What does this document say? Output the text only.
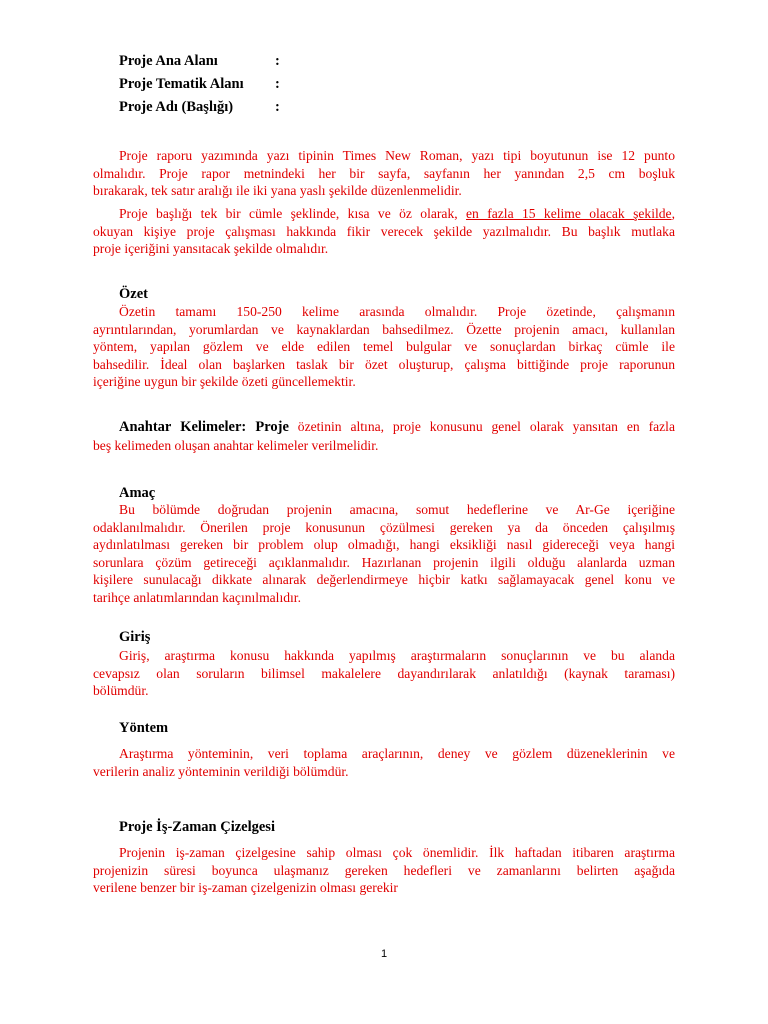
Proje Ana Alanı	:
Proje Tematik Alanı :
Proje Adı (Başlığı)	:
Proje raporu yazımında yazı tipinin Times New Roman, yazı tipi boyutunun ise 12 punto
olmalıdır. Proje rapor metnindeki her bir sayfa, sayfanın her yanından 2,5 cm boşluk
bırakarak, tek satır aralığı ile iki yana yaslı şekilde düzenlenmelidir.
Proje başlığı tek bir cümle şeklinde, kısa ve öz olarak, en fazla 15 kelime olacak şekilde,
okuyan kişiye proje çalışması hakkında fikir verecek şekilde yazılmalıdır. Bu başlık mutlaka
proje içeriğini yansıtacak şekilde olmalıdır.
Özet
Özetin tamamı 150-250 kelime arasında olmalıdır. Proje özetinde, çalışmanın
ayrıntılarından, yorumlardan ve kaynaklardan bahsedilmez. Özette projenin amacı, kullanılan
yöntem, yapılan gözlem ve elde edilen temel bulgular ve sonuçlardan birkaç cümle ile
bahsedilir. İdeal olan başlarken taslak bir özet oluşturup, çalışma bittiğinde proje raporunun
içeriğine uygun bir şekilde özeti güncellemektir.
Anahtar Kelimeler: Proje özetinin altına, proje konusunu genel olarak yansıtan en fazla
beş kelimeden oluşan anahtar kelimeler verilmelidir.
Amaç
Bu bölümde doğrudan projenin amacına, somut hedeflerine ve Ar-Ge içeriğine
odaklanılmalıdır. Önerilen proje konusunun çözülmesi gereken ya da önceden çalışılmış
aydınlatılması gereken bir problem olup olmadığı, hangi eksikliği nasıl gidereceği veya hangi
sorunlara çözüm getireceği açıklanmalıdır. Hazırlanan projenin ilgili olduğu alanlarda uzman
kişilere sunulacağı dikkate alınarak değerlendirmeye hiçbir katkı sağlamayacak genel konu ve
tarihçe anlatımlarından kaçınılmalıdır.
Giriş
Giriş, araştırma konusu hakkında yapılmış araştırmaların sonuçlarının ve bu alanda
cevapsız olan soruların bilimsel makalelere dayandırılarak anlatıldığı (kaynak taraması)
bölümdür.
Yöntem
Araştırma yönteminin, veri toplama araçlarının, deney ve gözlem düzeneklerinin ve
verilerin analiz yönteminin verildiği bölümdür.
Proje İş-Zaman Çizelgesi
Projenin iş-zaman çizelgesine sahip olması çok önemlidir. İlk haftadan itibaren araştırma
projenizin süresi boyunca ulaşmanız gereken hedefleri ve zamanlarını belirten aşağıda
verilene benzer bir iş-zaman çizelgenizin olması gerekir
1
